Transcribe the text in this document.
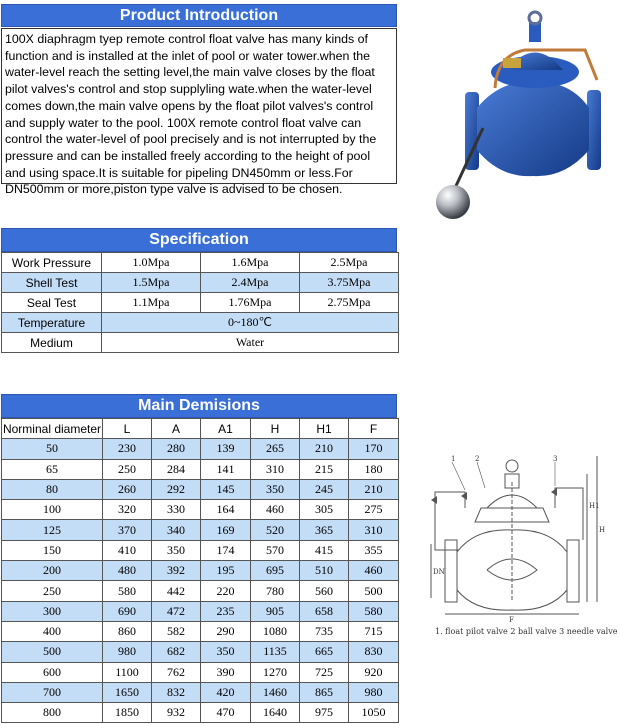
Product Introduction
100X diaphragm tyep remote control float valve has many kinds of function and is installed at the inlet of pool or water tower.when the water-level reach the setting level,the main valve closes by the float pilot valves's control and stop supplyling wate.when the water-level comes down,the main valve opens by the float pilot valves's control and supply water to the pool. 100X remote control float valve can control the water-level of pool precisely and is not interrupted by the pressure and can be installed freely according to the height of pool and using space.It is suitable for pipeling DN450mm or less.For DN500mm or more,piston type valve is advised to be chosen.
Specification
Work Pressure	1.0Mpa	1.6Mpa	2.5Mpa
Shell Test	1.5Mpa	2.4Mpa	3.75Mpa
Seal Test	1.1Mpa	1.76Mpa	2.75Mpa
Temperature	0~180℃		
Medium	Water		
Main Demisions
Norminal diameter	L	A	A1	H	H1	F
50	230	280	139	265	210	170
65	250	284	141	310	215	180
80	260	292	145	350	245	210
100	320	330	164	460	305	275
125	370	340	169	520	365	310
150	410	350	174	570	415	355
200	480	392	195	695	510	460
250	580	442	220	780	560	500
300	690	472	235	905	658	580
400	860	582	290	1080	735	715
500	980	682	350	1135	665	830
600	1100	762	390	1270	725	920
700	1650	832	420	1460	865	980
800	1850	932	470	1640	975	1050
1	2	3
H1
H
DN
F
1. float pilot valve 2 ball valve 3 needle valve
